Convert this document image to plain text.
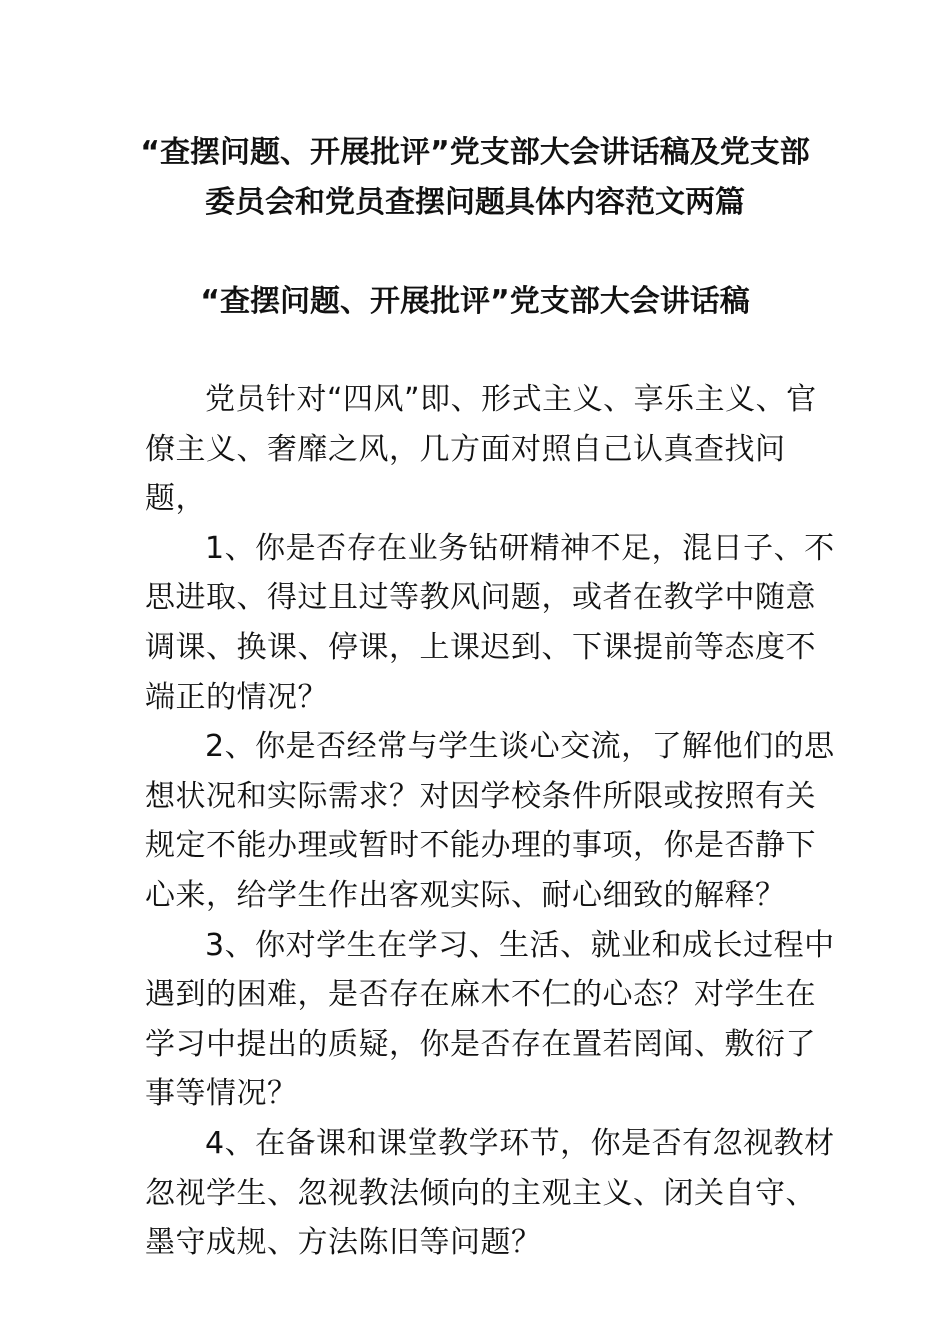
“查摆问题、开展批评”党支部大会讲话稿及党支部
委员会和党员查摆问题具体内容范文两篇
“查摆问题、开展批评”党支部大会讲话稿

党员针对“四风”即、形式主义、享乐主义、官僚主义、奢靡之风，几方面对照自己认真查找问题，

1、你是否存在业务钻研精神不足，混日子、不思进取、得过且过等教风问题，或者在教学中随意调课、换课、停课，上课迟到、下课提前等态度不端正的情况？

2、你是否经常与学生谈心交流，了解他们的思想状况和实际需求？对因学校条件所限或按照有关规定不能办理或暂时不能办理的事项，你是否静下心来，给学生作出客观实际、耐心细致的解释？

3、你对学生在学习、生活、就业和成长过程中遇到的困难，是否存在麻木不仁的心态？对学生在学习中提出的质疑，你是否存在置若罔闻、敷衍了事等情况？

4、在备课和课堂教学环节，你是否有忽视教材忽视学生、忽视教法倾向的主观主义、闭关自守、墨守成规、方法陈旧等问题？
